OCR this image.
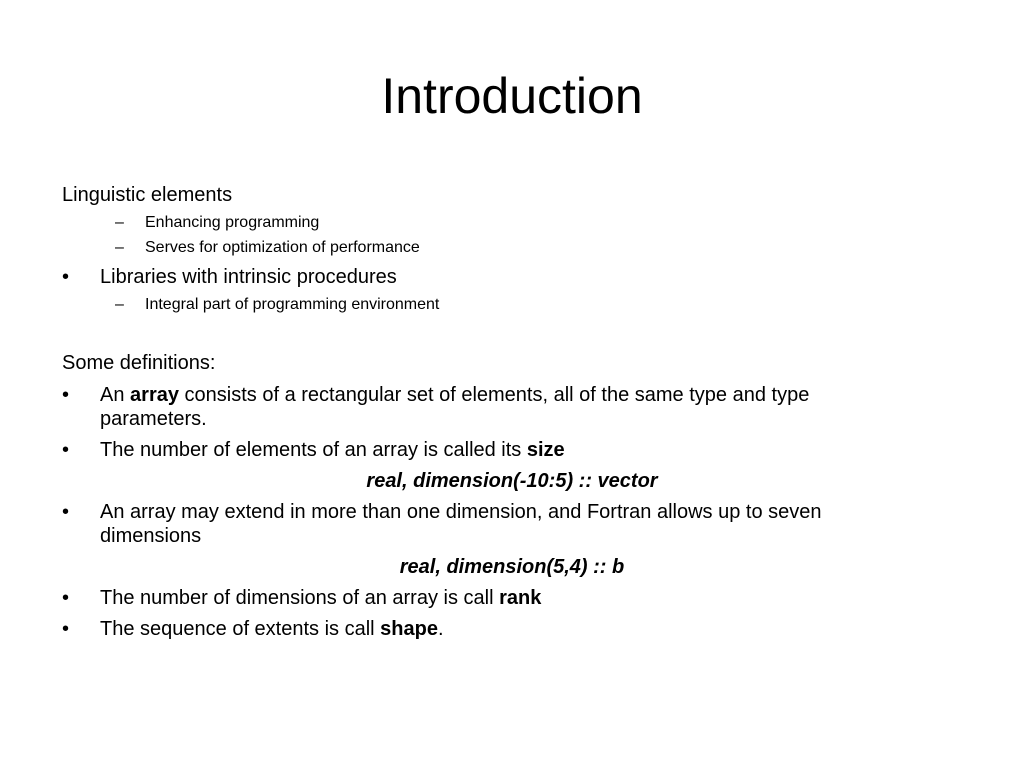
Introduction
Linguistic elements
– Enhancing programming
– Serves for optimization of performance
• Libraries with intrinsic procedures
– Integral part of programming environment
Some definitions:
• An array consists of a rectangular set of elements, all of the same type and type
parameters.
• The number of elements of an array is called its size
real, dimension(-10:5) :: vector
• An array may extend in more than one dimension, and Fortran allows up to seven
dimensions
real, dimension(5,4) :: b
• The number of dimensions of an array is call rank
• The sequence of extents is call shape.
